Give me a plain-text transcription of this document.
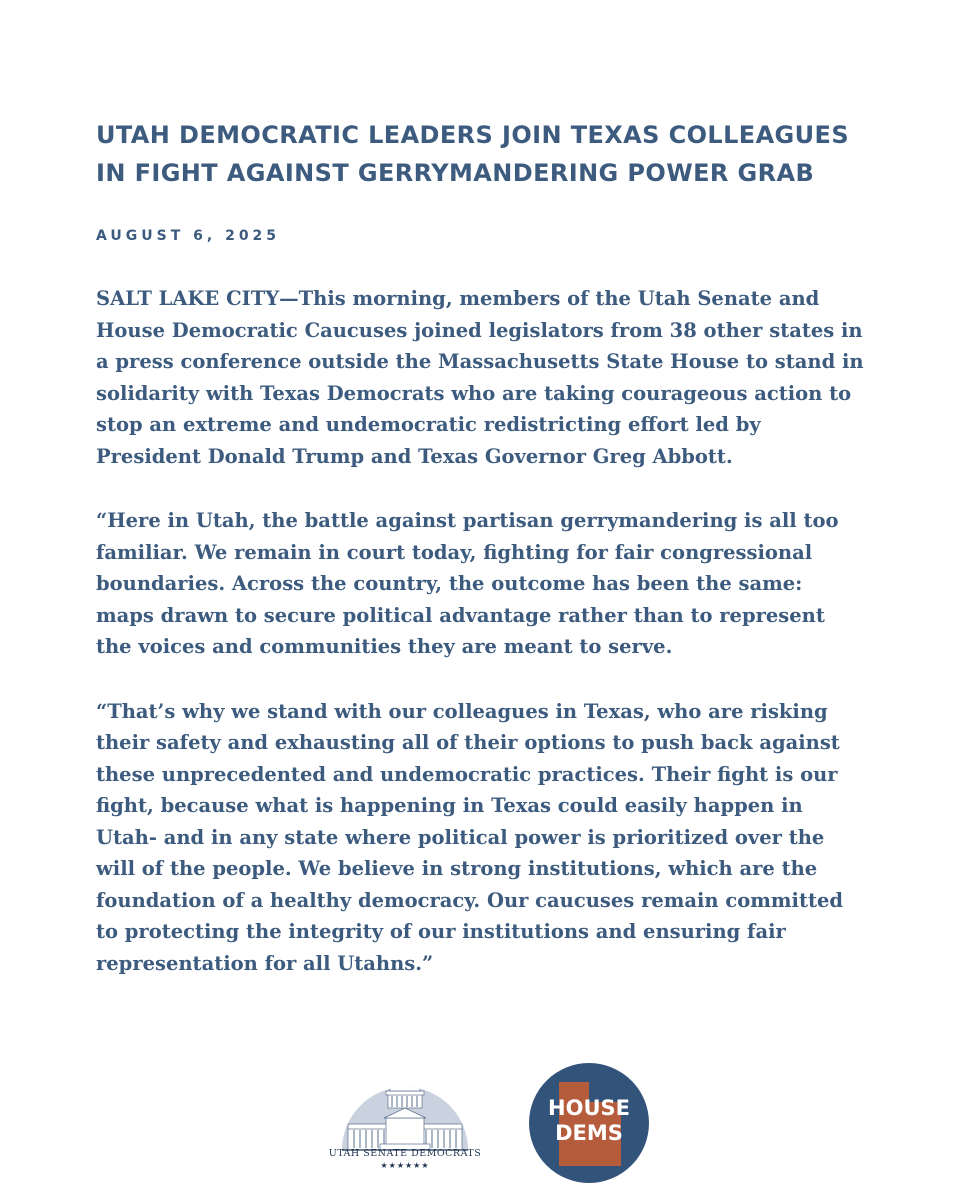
UTAH DEMOCRATIC LEADERS JOIN TEXAS COLLEAGUES IN FIGHT AGAINST GERRYMANDERING POWER GRAB
AUGUST 6, 2025

SALT LAKE CITY—This morning, members of the Utah Senate and House Democratic Caucuses joined legislators from 38 other states in a press conference outside the Massachusetts State House to stand in solidarity with Texas Democrats who are taking courageous action to stop an extreme and undemocratic redistricting effort led by President Donald Trump and Texas Governor Greg Abbott.

“Here in Utah, the battle against partisan gerrymandering is all too familiar. We remain in court today, fighting for fair congressional boundaries. Across the country, the outcome has been the same: maps drawn to secure political advantage rather than to represent the voices and communities they are meant to serve.

“That’s why we stand with our colleagues in Texas, who are risking their safety and exhausting all of their options to push back against these unprecedented and undemocratic practices. Their fight is our fight, because what is happening in Texas could easily happen in Utah- and in any state where political power is prioritized over the will of the people. We believe in strong institutions, which are the foundation of a healthy democracy. Our caucuses remain committed to protecting the integrity of our institutions and ensuring fair representation for all Utahns.”

UTAH SENATE DEMOCRATS
★★★★★★
HOUSE
DEMS
